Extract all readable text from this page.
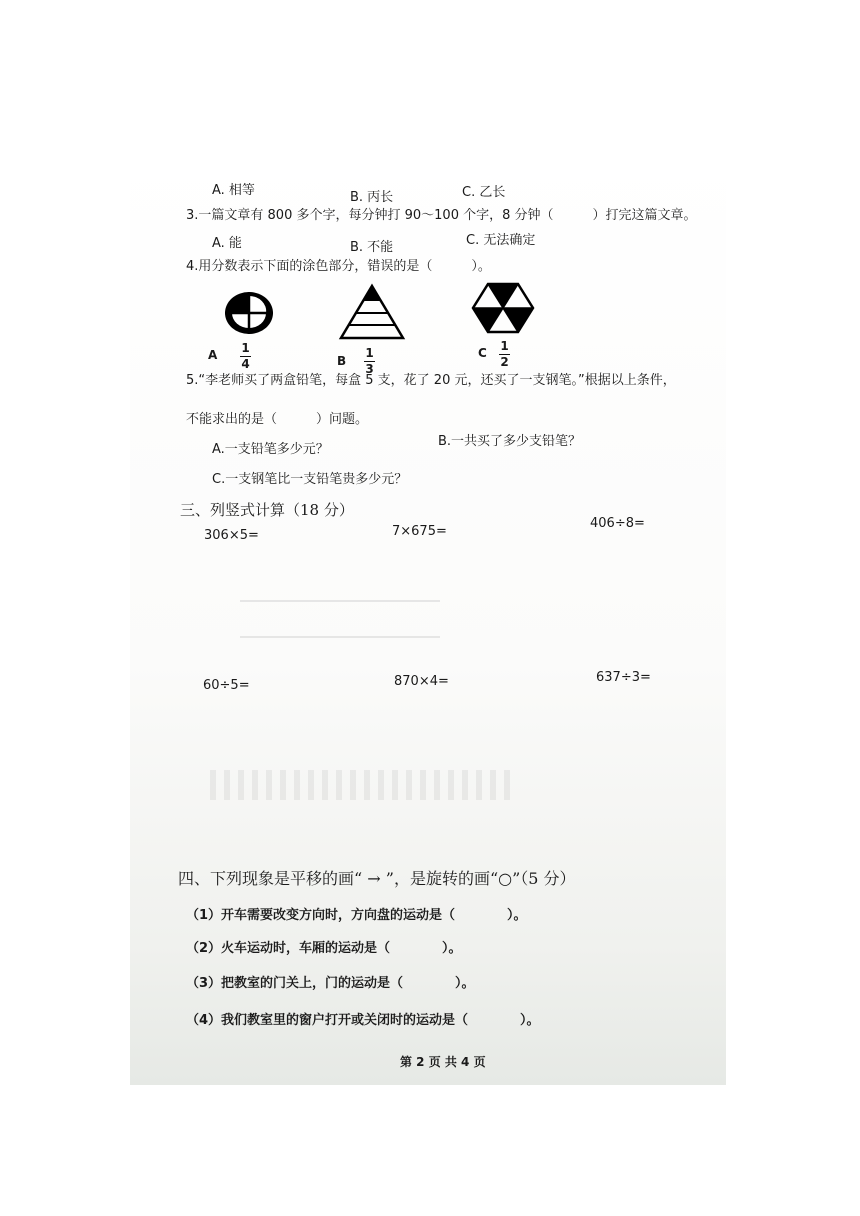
A. 相等	B. 丙长	C. 乙长
3.一篇文章有 800 多个字，每分钟打 90～100 个字，8 分钟（　　　）打完这篇文章。
A. 能	B. 不能	C. 无法确定
4.用分数表示下面的涂色部分，错误的是（　　　）。
A 1
4	B
1
3
C 1
2
5.“李老师买了两盒铅笔，每盒 5 支，花了 20 元，还买了一支钢笔。”根据以上条件，
不能求出的是（　　　）问题。
A.一支铅笔多少元？
B.一共买了多少支铅笔？
C.一支钢笔比一支铅笔贵多少元？
三、列竖式计算（18 分）
306×5=	7×675=
406÷8=
60÷5=	870×4=	637÷3=
四、下列现象是平移的画“ → ”，是旋转的画“○”（5 分）
（1）开车需要改变方向时，方向盘的运动是（　　　　）。
（2）火车运动时，车厢的运动是（　　　　）。
（3）把教室的门关上，门的运动是（　　　　）。
（4）我们教室里的窗户打开或关闭时的运动是（　　　　）。
第 2 页 共 4 页
